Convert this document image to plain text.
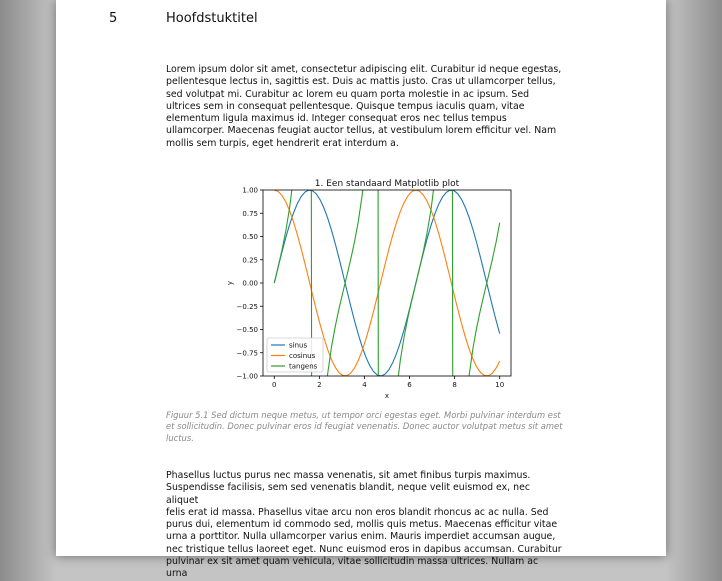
5	Hoofdstuktitel

Lorem ipsum dolor sit amet, consectetur adipiscing elit. Curabitur id neque egestas,
pellentesque lectus in, sagittis est. Duis ac mattis justo. Cras ut ullamcorper tellus,
sed volutpat mi. Curabitur ac lorem eu quam porta molestie in ac ipsum. Sed
ultrices sem in consequat pellentesque. Quisque tempus iaculis quam, vitae
elementum ligula maximus id. Integer consequat eros nec tellus tempus
ullamcorper. Maecenas feugiat auctor tellus, at vestibulum lorem efficitur vel. Nam
mollis sem turpis, eget hendrerit erat interdum a.

1. Een standaard Matplotlib plot
0	2	4	6	8	10
−1.00
−0.75
−0.50
−0.25
0.00
0.25
0.50
0.75
1.00
x
y
sinus
cosinus
tangens

Figuur 5.1 Sed dictum neque metus, ut tempor orci egestas eget. Morbi pulvinar interdum est et sollicitudin. Donec pulvinar eros id feugiat venenatis. Donec auctor volutpat metus sit amet luctus.

Phasellus luctus purus nec massa venenatis, sit amet finibus turpis maximus.
Suspendisse facilisis, sem sed venenatis blandit, neque velit euismod ex, nec aliquet
felis erat id massa. Phasellus vitae arcu non eros blandit rhoncus ac ac nulla. Sed
purus dui, elementum id commodo sed, mollis quis metus. Maecenas efficitur vitae
urna a porttitor. Nulla ullamcorper varius enim. Mauris imperdiet accumsan augue,
nec tristique tellus laoreet eget. Nunc euismod eros in dapibus accumsan. Curabitur
pulvinar ex sit amet quam vehicula, vitae sollicitudin massa ultrices. Nullam ac urna
